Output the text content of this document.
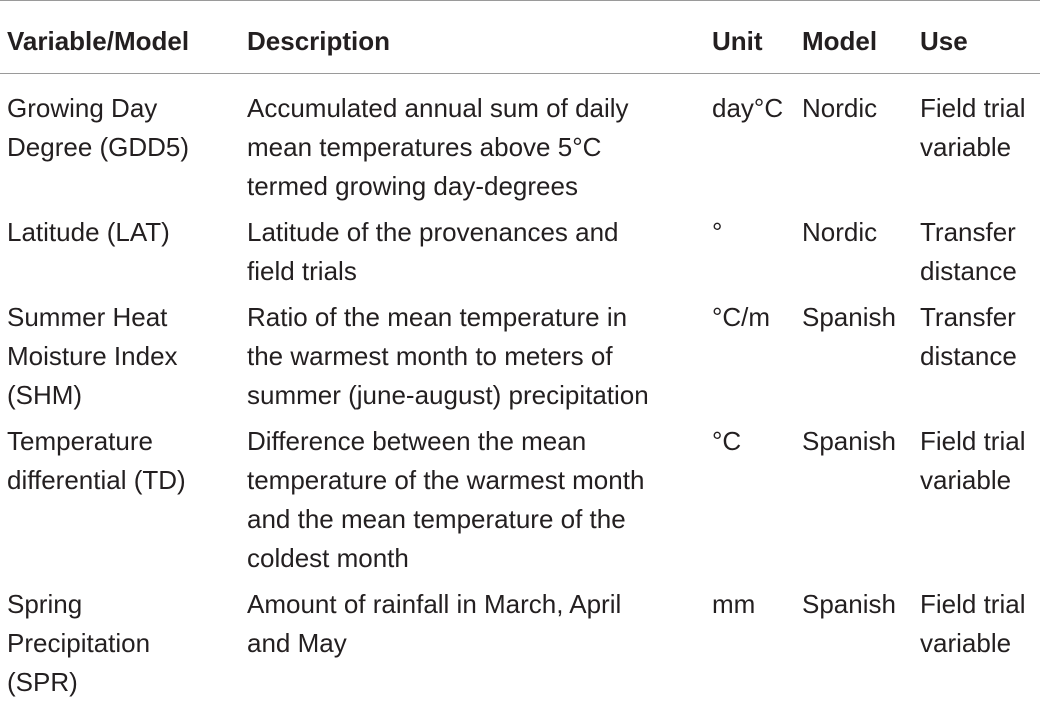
Variable/Model	Description	Unit	Model	Use

Growing Day
Degree (GDD5)	Accumulated annual sum of daily
mean temperatures above 5°C
termed growing day-degrees	day°C	Nordic	Field trial
variable

Latitude (LAT)	Latitude of the provenances and
field trials	°	Nordic	Transfer
distance

Summer Heat
Moisture Index
(SHM)	Ratio of the mean temperature in
the warmest month to meters of
summer (june-august) precipitation	°C/m	Spanish	Transfer
distance

Temperature
differential (TD)	Difference between the mean
temperature of the warmest month
and the mean temperature of the
coldest month	°C	Spanish	Field trial
variable

Spring
Precipitation
(SPR)	Amount of rainfall in March, April
and May	mm	Spanish	Field trial
variable
